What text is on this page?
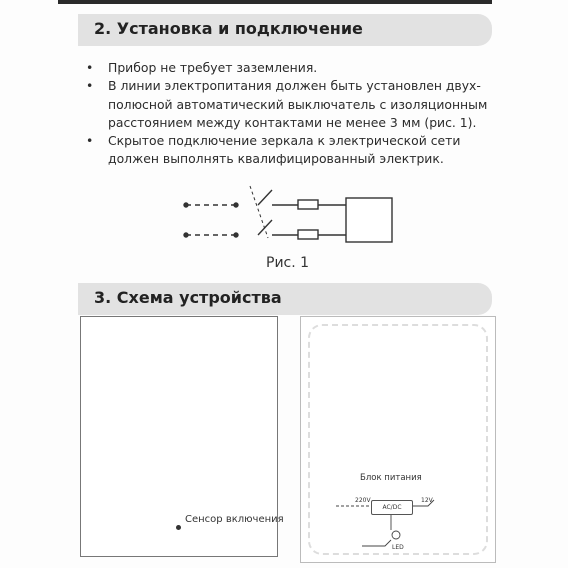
2. Установка и подключение
• Прибор не требует заземления.
• В линии электропитания должен быть установлен двух-
полюсной автоматический выключатель с изоляционным
расстоянием между контактами не менее 3 мм (рис. 1).
• Скрытое подключение зеркала к электрической сети
должен выполнять квалифицированный электрик.
Рис. 1
3. Схема устройства
Сенсор включения
Блок питания
220V	12V
AC/DC
LED
